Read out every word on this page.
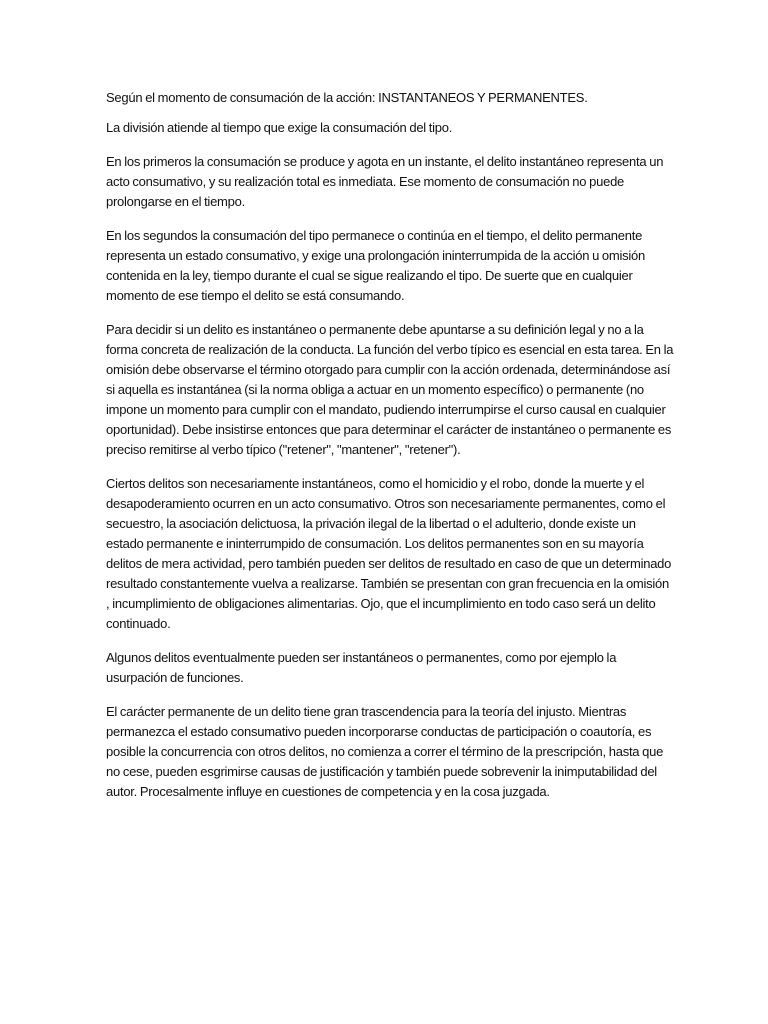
Según el momento de consumación de la acción: INSTANTANEOS Y PERMANENTES.

La división atiende al tiempo que exige la consumación del tipo.

En los primeros la consumación se produce y agota en un instante, el delito instantáneo representa un acto consumativo, y su realización total es inmediata. Ese momento de consumación no puede prolongarse en el tiempo.

En los segundos la consumación del tipo permanece o continúa en el tiempo, el delito permanente representa un estado consumativo, y exige una prolongación ininterrumpida de la acción u omisión contenida en la ley, tiempo durante el cual se sigue realizando el tipo. De suerte que en cualquier momento de ese tiempo el delito se está consumando.

Para decidir si un delito es instantáneo o permanente debe apuntarse a su definición legal y no a la forma concreta de realización de la conducta. La función del verbo típico es esencial en esta tarea. En la omisión debe observarse el término otorgado para cumplir con la acción ordenada, determinándose así si aquella es instantánea (si la norma obliga a actuar en un momento específico) o permanente (no impone un momento para cumplir con el mandato, pudiendo interrumpirse el curso causal en cualquier oportunidad). Debe insistirse entonces que para determinar el carácter de instantáneo o permanente es preciso remitirse al verbo típico ("retener", "mantener", "retener").

Ciertos delitos son necesariamente instantáneos, como el homicidio y el robo, donde la muerte y el desapoderamiento ocurren en un acto consumativo. Otros son necesariamente permanentes, como el secuestro, la asociación delictuosa, la privación ilegal de la libertad o el adulterio, donde existe un estado permanente e ininterrumpido de consumación. Los delitos permanentes son en su mayoría delitos de mera actividad, pero también pueden ser delitos de resultado en caso de que un determinado resultado constantemente vuelva a realizarse. También se presentan con gran frecuencia en la omisión , incumplimiento de obligaciones alimentarias. Ojo, que el incumplimiento en todo caso será un delito continuado.

Algunos delitos eventualmente pueden ser instantáneos o permanentes, como por ejemplo la usurpación de funciones.

El carácter permanente de un delito tiene gran trascendencia para la teoría del injusto. Mientras permanezca el estado consumativo pueden incorporarse conductas de participación o coautoría, es posible la concurrencia con otros delitos, no comienza a correr el término de la prescripción, hasta que no cese, pueden esgrimirse causas de justificación y también puede sobrevenir la inimputabilidad del autor. Procesalmente influye en cuestiones de competencia y en la cosa juzgada.
